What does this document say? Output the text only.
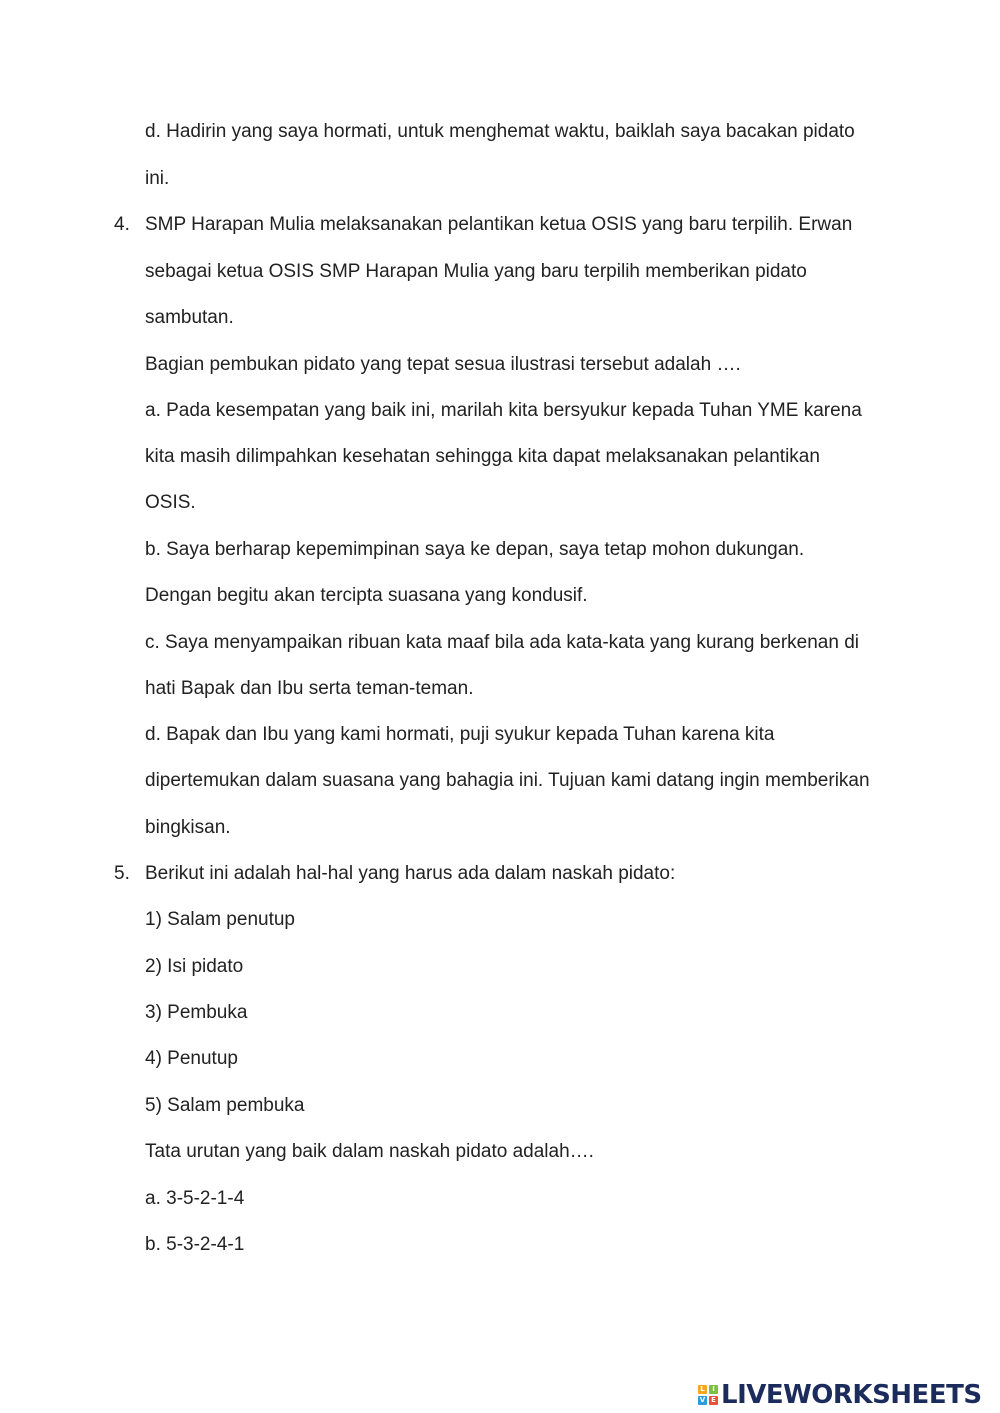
d. Hadirin yang saya hormati, untuk menghemat waktu, baiklah saya bacakan pidato
ini.
4. SMP Harapan Mulia melaksanakan pelantikan ketua OSIS yang baru terpilih. Erwan
sebagai ketua OSIS SMP Harapan Mulia yang baru terpilih memberikan pidato
sambutan.
Bagian pembukan pidato yang tepat sesua ilustrasi tersebut adalah ….
a. Pada kesempatan yang baik ini, marilah kita bersyukur kepada Tuhan YME karena
kita masih dilimpahkan kesehatan sehingga kita dapat melaksanakan pelantikan
OSIS.
b. Saya berharap kepemimpinan saya ke depan, saya tetap mohon dukungan.
Dengan begitu akan tercipta suasana yang kondusif.
c. Saya menyampaikan ribuan kata maaf bila ada kata-kata yang kurang berkenan di
hati Bapak dan Ibu serta teman-teman.
d. Bapak dan Ibu yang kami hormati, puji syukur kepada Tuhan karena kita
dipertemukan dalam suasana yang bahagia ini. Tujuan kami datang ingin memberikan
bingkisan.
5. Berikut ini adalah hal-hal yang harus ada dalam naskah pidato:
1) Salam penutup
2) Isi pidato
3) Pembuka
4) Penutup
5) Salam pembuka
Tata urutan yang baik dalam naskah pidato adalah….
a. 3-5-2-1-4
b. 5-3-2-4-1
L	I
V E LIVEWORKSHEETS
